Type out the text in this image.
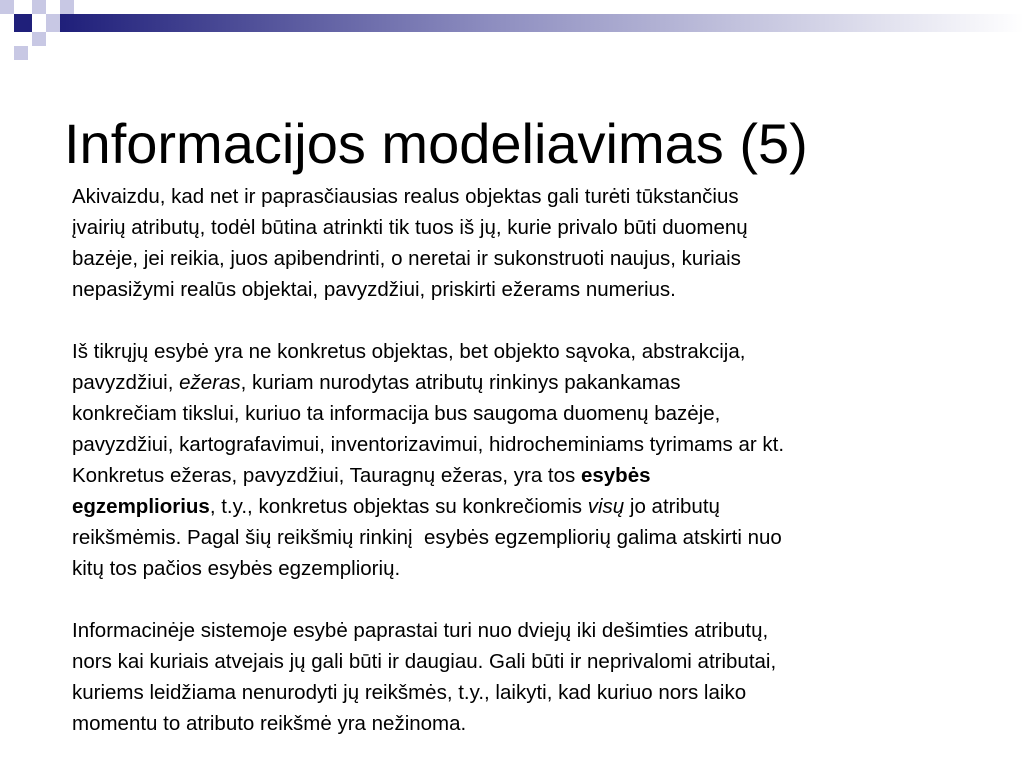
Informacijos modeliavimas (5)

Akivaizdu, kad net ir paprasčiausias realus objektas gali turėti tūkstančius
įvairių atributų, todėl būtina atrinkti tik tuos iš jų, kurie privalo būti duomenų
bazėje, jei reikia, juos apibendrinti, o neretai ir sukonstruoti naujus, kuriais
nepasižymi realūs objektai, pavyzdžiui, priskirti ežerams numerius.

Iš tikrųjų esybė yra ne konkretus objektas, bet objekto sąvoka, abstrakcija,
pavyzdžiui, ežeras, kuriam nurodytas atributų rinkinys pakankamas
konkrečiam tikslui, kuriuo ta informacija bus saugoma duomenų bazėje,
pavyzdžiui, kartografavimui, inventorizavimui, hidrocheminiams tyrimams ar kt.
Konkretus ežeras, pavyzdžiui, Tauragnų ežeras, yra tos esybės
egzempliorius, t.y., konkretus objektas su konkrečiomis visų jo atributų
reikšmėmis. Pagal šių reikšmių rinkinį  esybės egzempliorių galima atskirti nuo
kitų tos pačios esybės egzempliorių.

Informacinėje sistemoje esybė paprastai turi nuo dviejų iki dešimties atributų,
nors kai kuriais atvejais jų gali būti ir daugiau. Gali būti ir neprivalomi atributai,
kuriems leidžiama nenurodyti jų reikšmės, t.y., laikyti, kad kuriuo nors laiko
momentu to atributo reikšmė yra nežinoma.
